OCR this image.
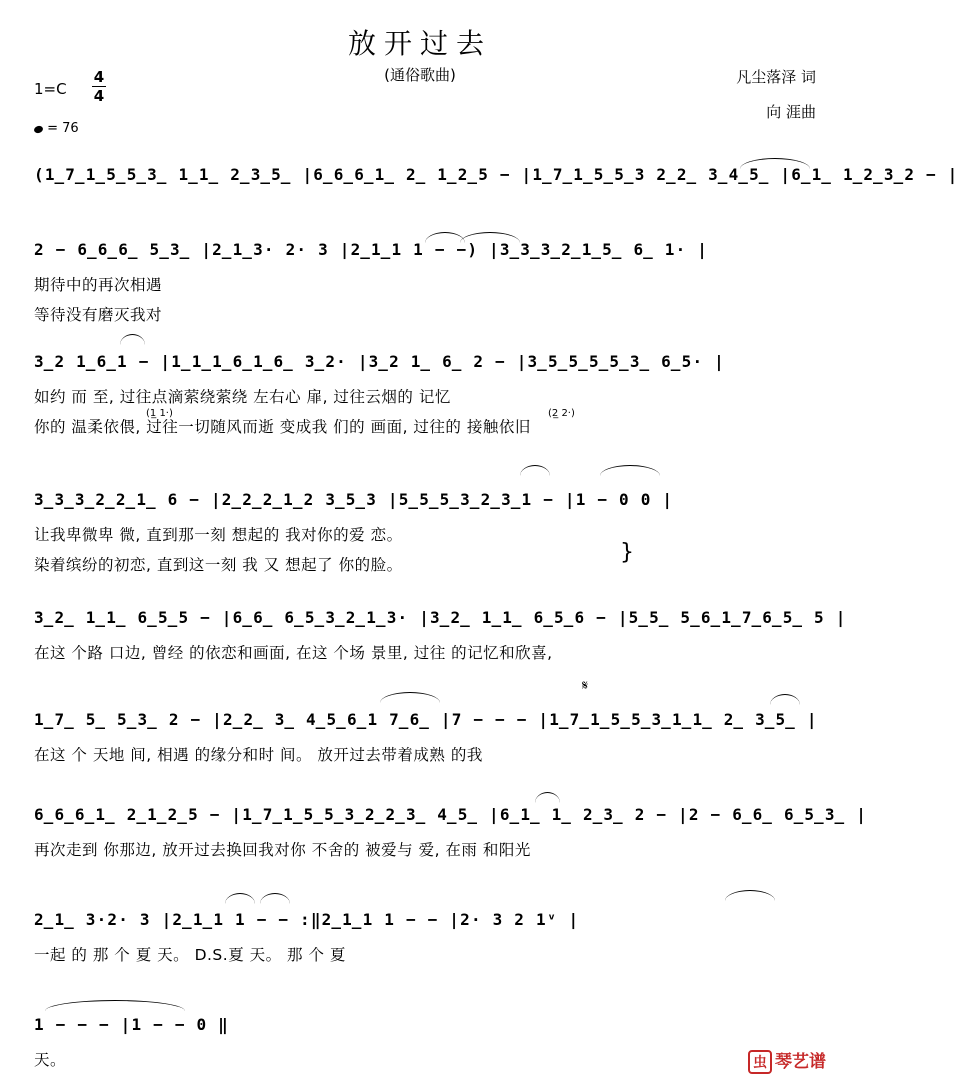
放开过去
(通俗歌曲)
1=C
4
4
= 76
凡尘落泽 词
向 涯曲
(1̲7̲1̲5̲5̲3̲ 1̲1̲ 2̲3̲5̲ |6̲6̲6̲1̲ 2̲ 1̲2̲5 − |1̲7̲1̲5̲5̲3 2̲2̲ 3̲4̲5̲ |6̲1̲ 1̲2̲3̲2 − |
2 − 6̲6̲6̲ 5̲3̲ |2̲1̲3· 2· 3 |2̲1̲1 1 − −) |3̲3̲3̲2̲1̲5̲ 6̲ 1· |
期待中的再次相遇
等待没有磨灭我对
3̲2 1̲6̲1 − |1̲1̲1̲6̲1̲6̲ 3̲2· |3̲2 1̲ 6̲ 2 − |3̲5̲5̲5̲5̲3̲ 6̲5· |
如约 而 至, 过往点滴萦绕萦绕 左右心 扉, 过往云烟的 记忆
你的 温柔依偎, 过往一切随风而逝 变成我 们的 画面, 过往的 接触依旧
3̲3̲3̲2̲2̲1̲ 6 − |2̲2̲2̲1̲2 3̲5̲3 |5̲5̲5̲3̲2̲3̲1 − |1 − 0 0 |
让我卑微卑 微, 直到那一刻 想起的 我对你的爱 恋。
染着缤纷的初恋, 直到这一刻 我 又 想起了 你的脸。
3̲2̲ 1̲1̲ 6̲5̲5 − |6̲6̲ 6̲5̲3̲2̲1̲3· |3̲2̲ 1̲1̲ 6̲5̲6 − |5̲5̲ 5̲6̲1̲7̲6̲5̲ 5 |
在这 个路 口边, 曾经 的依恋和画面, 在这 个场 景里, 过往 的记忆和欣喜,
1̲7̲ 5̲ 5̲3̲ 2 − |2̲2̲ 3̲ 4̲5̲6̲1 7̲6̲ |7 − − − |1̲7̲1̲5̲5̲3̲1̲1̲ 2̲ 3̲5̲ |
在这 个 天地 间, 相遇 的缘分和时 间。 放开过去带着成熟 的我
6̲6̲6̲1̲ 2̲1̲2̲5 − |1̲7̲1̲5̲5̲3̲2̲2̲3̲ 4̲5̲ |6̲1̲ 1̲ 2̲3̲ 2 − |2 − 6̲6̲ 6̲5̲3̲ |
再次走到 你那边, 放开过去换回我对你 不舍的 被爱与 爱, 在雨 和阳光
2̲1̲ 3·2· 3 |2̲1̲1 1 − − :‖2̲1̲1 1 − − |2· 3 2 1ᵛ |
一起 的 那 个 夏 天。 D.S.夏 天。 那 个 夏
1 − − − |1 − − 0 ‖
天。
(1̲ 1·)	(2̲ 2·)
𝄋
}
虫 琴艺谱
